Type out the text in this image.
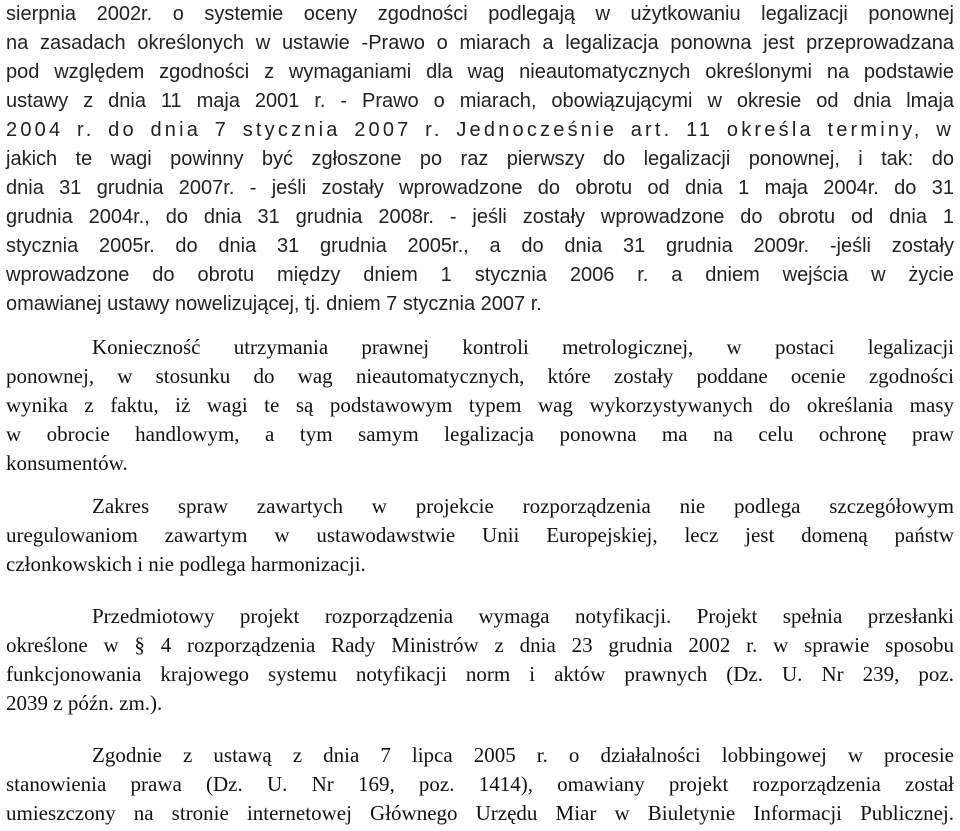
sierpnia 2002r. o systemie oceny zgodności podlegają w użytkowaniu legalizacji ponownej
na zasadach określonych w ustawie -Prawo o miarach a legalizacja ponowna jest przeprowadzana
pod względem zgodności z wymaganiami dla wag nieautomatycznych określonymi na podstawie
ustawy z dnia 11 maja 2001 r. - Prawo o miarach, obowiązującymi w okresie od dnia lmaja
2004 r. do dnia 7 stycznia 2007 r. Jednocześnie art. 11 określa terminy, w
jakich te wagi powinny być zgłoszone po raz pierwszy do legalizacji ponownej, i tak: do
dnia 31 grudnia 2007r. - jeśli zostały wprowadzone do obrotu od dnia 1 maja 2004r. do 31
grudnia 2004r., do dnia 31 grudnia 2008r. - jeśli zostały wprowadzone do obrotu od dnia 1
stycznia 2005r. do dnia 31 grudnia 2005r., a do dnia 31 grudnia 2009r. -jeśli zostały
wprowadzone do obrotu między dniem 1 stycznia 2006 r. a dniem wejścia w życie
omawianej ustawy nowelizującej, tj. dniem 7 stycznia 2007 r.
Konieczność utrzymania prawnej kontroli metrologicznej, w postaci legalizacji
ponownej, w stosunku do wag nieautomatycznych, które zostały poddane ocenie zgodności
wynika z faktu, iż wagi te są podstawowym typem wag wykorzystywanych do określania masy
w obrocie handlowym, a tym samym legalizacja ponowna ma na celu ochronę praw
konsumentów.
Zakres spraw zawartych w projekcie rozporządzenia nie podlega szczegółowym
uregulowaniom zawartym w ustawodawstwie Unii Europejskiej, lecz jest domeną państw
członkowskich i nie podlega harmonizacji.
Przedmiotowy projekt rozporządzenia wymaga notyfikacji. Projekt spełnia przesłanki
określone w § 4 rozporządzenia Rady Ministrów z dnia 23 grudnia 2002 r. w sprawie sposobu
funkcjonowania krajowego systemu notyfikacji norm i aktów prawnych (Dz. U. Nr 239, poz.
2039 z późn. zm.).
Zgodnie z ustawą z dnia 7 lipca 2005 r. o działalności lobbingowej w procesie
stanowienia prawa (Dz. U. Nr 169, poz. 1414), omawiany projekt rozporządzenia został
umieszczony na stronie internetowej Głównego Urzędu Miar w Biuletynie Informacji Publicznej.
